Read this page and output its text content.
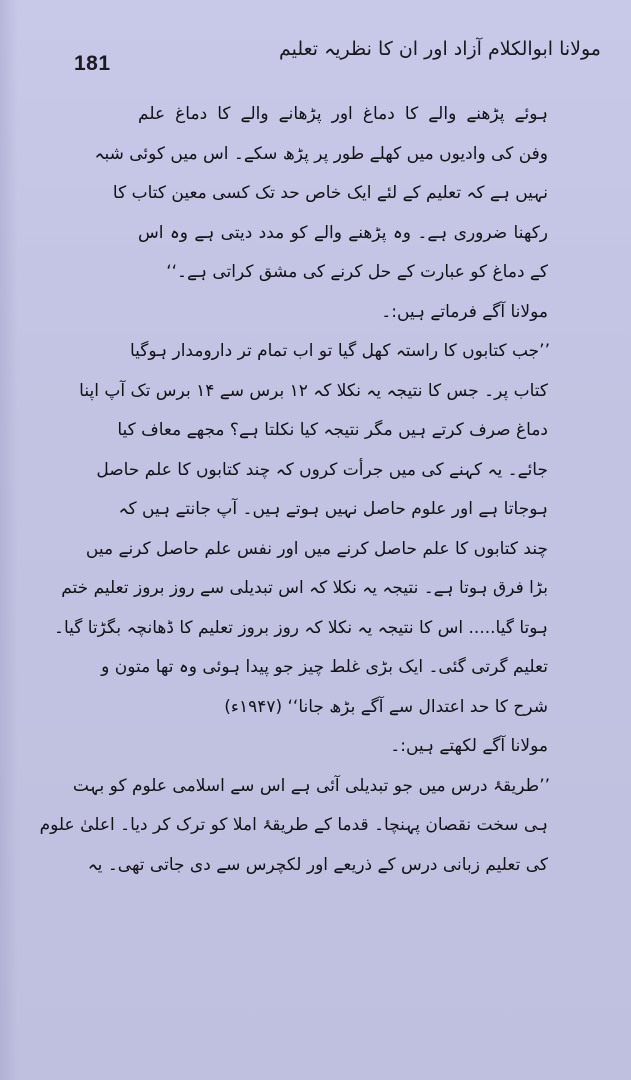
181
مولانا ابوالکلام آزاد اور ان کا نظریہ تعلیم
ہوئے پڑھنے والے کا دماغ اور پڑھانے والے کا دماغ علم
وفن کی وادیوں میں کھلے طور پر پڑھ سکے۔ اس میں کوئی شبہ
نہیں ہے کہ تعلیم کے لئے ایک خاص حد تک کسی معین کتاب کا
رکھنا ضروری ہے۔ وہ پڑھنے والے کو مدد دیتی ہے وہ اس
کے دماغ کو عبارت کے حل کرنے کی مشق کراتی ہے۔‘‘
مولانا آگے فرماتے ہیں:۔
’’جب کتابوں کا راستہ کھل گیا تو اب تمام تر دارومدار ہوگیا
کتاب پر۔ جس کا نتیجہ یہ نکلا کہ ۱۲ برس سے ۱۴ برس تک آپ اپنا
دماغ صرف کرتے ہیں مگر نتیجہ کیا نکلتا ہے؟ مجھے معاف کیا
جائے۔ یہ کہنے کی میں جرأت کروں کہ چند کتابوں کا علم حاصل
ہوجاتا ہے اور علوم حاصل نہیں ہوتے ہیں۔ آپ جانتے ہیں کہ
چند کتابوں کا علم حاصل کرنے میں اور نفس علم حاصل کرنے میں
بڑا فرق ہوتا ہے۔ نتیجہ یہ نکلا کہ اس تبدیلی سے روز بروز تعلیم ختم
ہوتا گیا..... اس کا نتیجہ یہ نکلا کہ روز بروز تعلیم کا ڈھانچہ بگڑتا گیا۔
تعلیم گرتی گئی۔ ایک بڑی غلط چیز جو پیدا ہوئی وہ تھا متون و
شرح کا حد اعتدال سے آگے بڑھ جانا‘‘ (۱۹۴۷ء)
مولانا آگے لکھتے ہیں:۔
’’طریقۂ درس میں جو تبدیلی آئی ہے اس سے اسلامی علوم کو بہت
ہی سخت نقصان پہنچا۔ قدما کے طریقۂ املا کو ترک کر دیا۔ اعلیٰ علوم
کی تعلیم زبانی درس کے ذریعے اور لکچرس سے دی جاتی تھی۔ یہ
